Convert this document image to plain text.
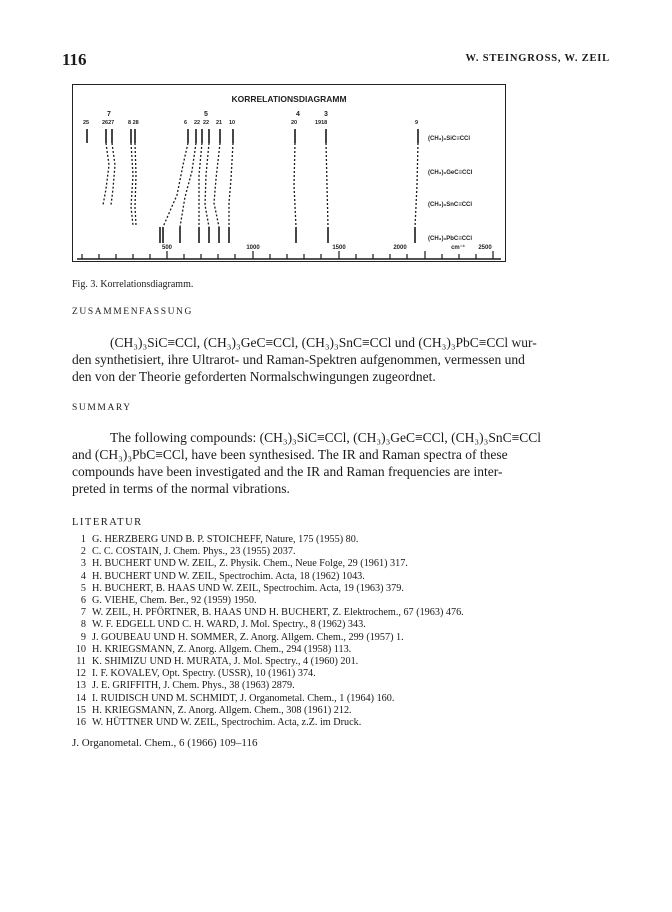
116	W. STEINGROSS, W. ZEIL
KORRELATIONSDIAGRAMM
7	5	4	3
25 2627	8 28	6 22 22 21 10	20	1918	9
(CH₃)₃SiC≡CCl
(CH₃)₃GeC≡CCl
(CH₃)₃SnC≡CCl
(CH₃)₃PbC≡CCl
500	1000	1500	2000	2500
cm⁻¹
Fig. 3. Korrelationsdiagramm.
ZUSAMMENFASSUNG

(CH₃)₃SiC≡CCl, (CH₃)₃GeC≡CCl, (CH₃)₃SnC≡CCl und (CH₃)₃PbC≡CCl wur-

den synthetisiert, ihre Ultrarot- und Raman-Spektren aufgenommen, vermessen und

den von der Theorie geforderten Normalschwingungen zugeordnet.

SUMMARY

The following compounds: (CH₃)₃SiC≡CCl, (CH₃)₃GeC≡CCl, (CH₃)₃SnC≡CCl

and (CH₃)₃PbC≡CCl, have been synthesised. The IR and Raman spectra of these

compounds have been investigated and the IR and Raman frequencies are inter-

preted in terms of the normal vibrations.

LITERATUR
1 G. HERZBERG UND B. P. STOICHEFF, Nature, 175 (1955) 80.
2 C. C. COSTAIN, J. Chem. Phys., 23 (1955) 2037.
3 H. BUCHERT UND W. ZEIL, Z. Physik. Chem., Neue Folge, 29 (1961) 317.
4 H. BUCHERT UND W. ZEIL, Spectrochim. Acta, 18 (1962) 1043.
5 H. BUCHERT, B. HAAS UND W. ZEIL, Spectrochim. Acta, 19 (1963) 379.
6 G. VIEHE, Chem. Ber., 92 (1959) 1950.
7 W. ZEIL, H. PFÖRTNER, B. HAAS UND H. BUCHERT, Z. Elektrochem., 67 (1963) 476.
8 W. F. EDGELL UND C. H. WARD, J. Mol. Spectry., 8 (1962) 343.
9 J. GOUBEAU UND H. SOMMER, Z. Anorg. Allgem. Chem., 299 (1957) 1.
10 H. KRIEGSMANN, Z. Anorg. Allgem. Chem., 294 (1958) 113.
11 K. SHIMIZU UND H. MURATA, J. Mol. Spectry., 4 (1960) 201.
12 I. F. KOVALEV, Opt. Spectry. (USSR), 10 (1961) 374.
13 J. E. GRIFFITH, J. Chem. Phys., 38 (1963) 2879.
14 I. RUIDISCH UND M. SCHMIDT, J. Organometal. Chem., 1 (1964) 160.
15 H. KRIEGSMANN, Z. Anorg. Allgem. Chem., 308 (1961) 212.
16 W. HÜTTNER UND W. ZEIL, Spectrochim. Acta, z.Z. im Druck.
J. Organometal. Chem., 6 (1966) 109–116
